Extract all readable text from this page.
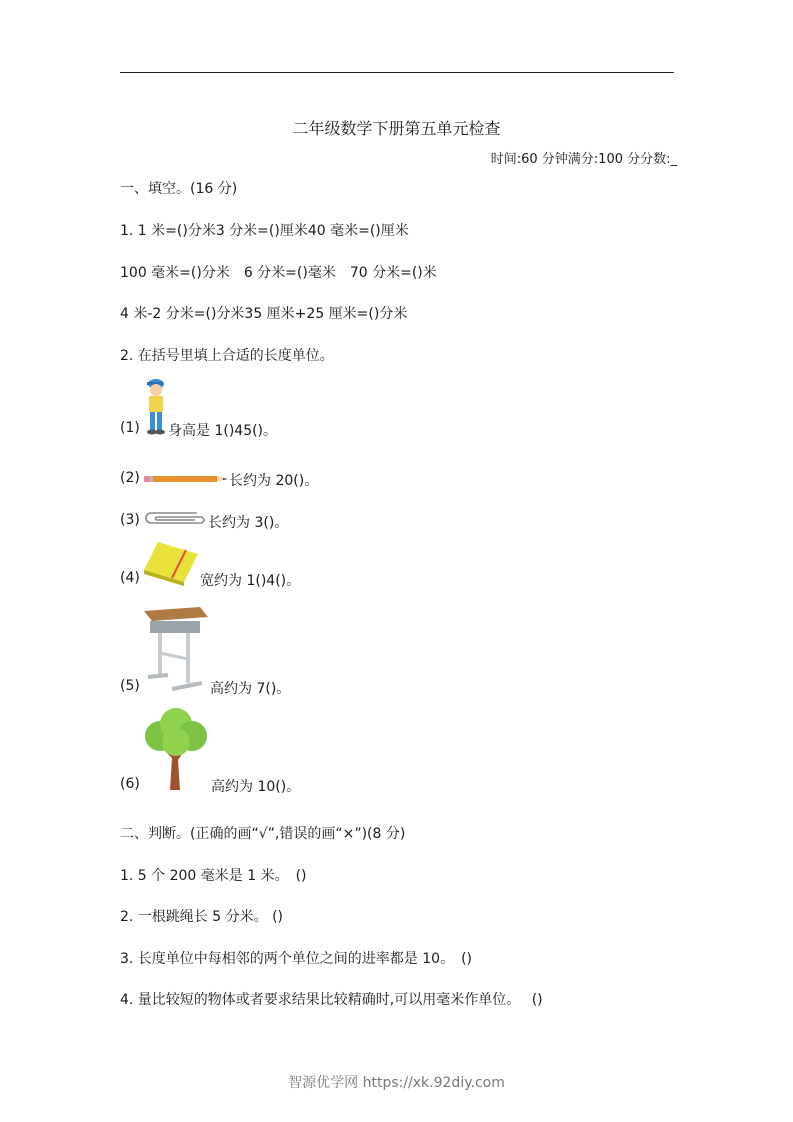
二年级数学下册第五单元检查
时间:60 分钟满分:100 分分数:_
一、填空。(16 分)
1. 1 米=()分米3 分米=()厘米40 毫米=()厘米
100 毫米=()分米　6 分米=()毫米　70 分米=()米
4 米-2 分米=()分米35 厘米+25 厘米=()分米
2. 在括号里填上合适的长度单位。
(1) 身高是 1()45()。
(2)	长约为 20()。
(3)	长约为 3()。
(4)	宽约为 1()4()。
(5)	高约为 7()。
(6)	高约为 10()。
二、判断。(正确的画“√”,错误的画“×”)(8 分)
1. 5 个 200 毫米是 1 米。　()
2. 一根跳绳长 5 分米。 ()
3. 长度单位中每相邻的两个单位之间的进率都是 10。　()
4. 量比较短的物体或者要求结果比较精确时,可以用毫米作单位。　 ()
智源优学网 https://xk.92diy.com
